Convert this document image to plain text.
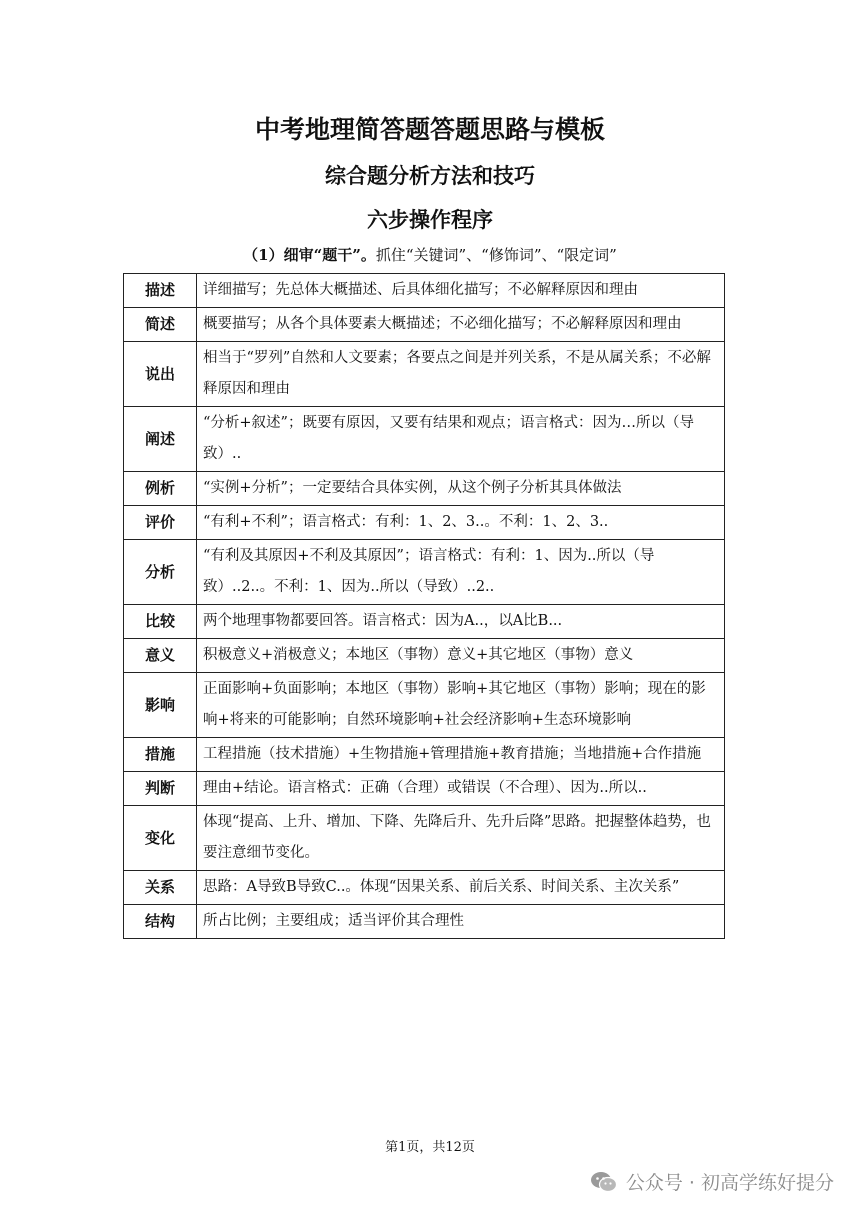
中考地理简答题答题思路与模板
综合题分析方法和技巧
六步操作程序

（1）细审“题干”。抓住“关键词”、“修饰词”、“限定词”

描述	详细描写；先总体大概描述、后具体细化描写；不必解释原因和理由
简述	概要描写；从各个具体要素大概描述；不必细化描写；不必解释原因和理由
说出	相当于“罗列”自然和人文要素；各要点之间是并列关系，不是从属关系；不必解释原因和理由
阐述	“分析+叙述”；既要有原因，又要有结果和观点；语言格式：因为…所以（导致）..
例析	“实例+分析”；一定要结合具体实例，从这个例子分析其具体做法
评价	“有利+不利”；语言格式：有利：1、2、3..。不利：1、2、3..
分析	“有利及其原因+不利及其原因”；语言格式：有利：1、因为..所以（导致）..2..。不利：1、因为..所以（导致）..2..
比较	两个地理事物都要回答。语言格式：因为A..，以A比B...
意义	积极意义+消极意义；本地区（事物）意义+其它地区（事物）意义
影响	正面影响+负面影响；本地区（事物）影响+其它地区（事物）影响；现在的影响+将来的可能影响；自然环境影响+社会经济影响+生态环境影响
措施	工程措施（技术措施）+生物措施+管理措施+教育措施；当地措施+合作措施
判断	理由+结论。语言格式：正确（合理）或错误（不合理）、因为..所以..
变化	体现“提高、上升、增加、下降、先降后升、先升后降”思路。把握整体趋势，也要注意细节变化。
关系	思路：A导致B导致C..。体现“因果关系、前后关系、时间关系、主次关系”
结构	所占比例；主要组成；适当评价其合理性

第1页，共12页

公众号 · 初高学练好提分
